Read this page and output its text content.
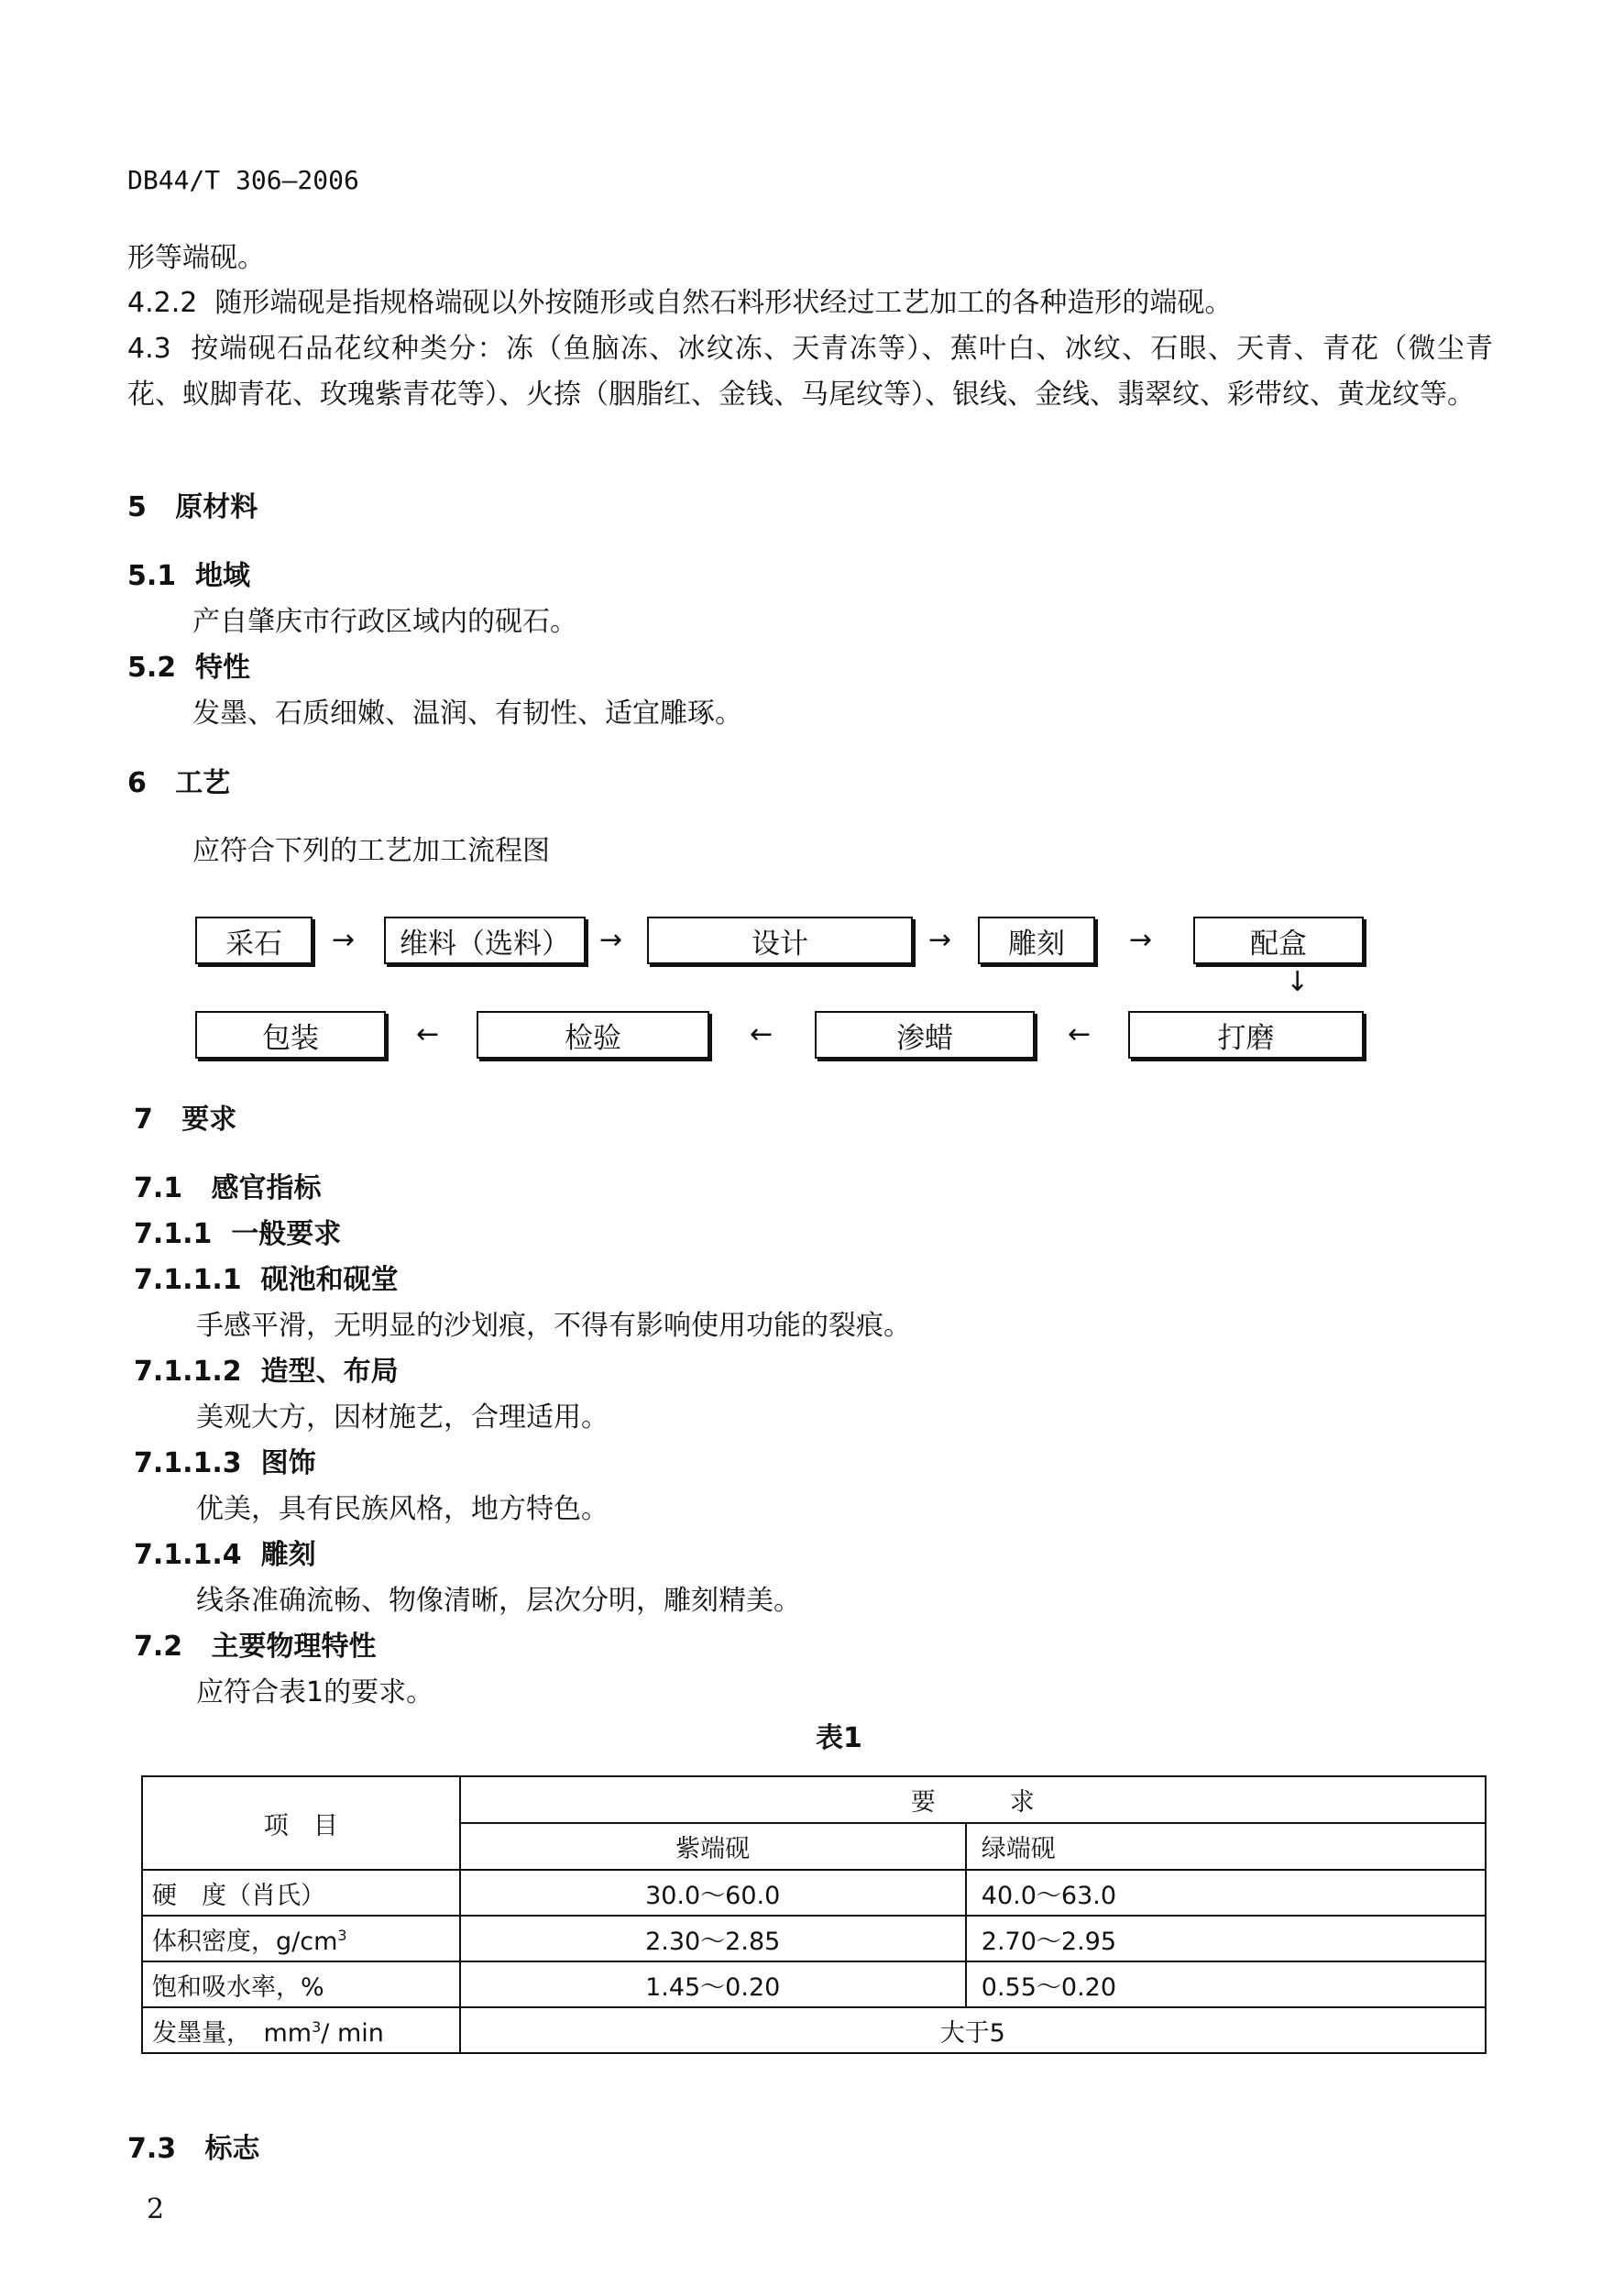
DB44/T 306—2006
形等端砚。
4.2.2 随形端砚是指规格端砚以外按随形或自然石料形状经过工艺加工的各种造形的端砚。
4.3 按端砚石品花纹种类分：冻（鱼脑冻、冰纹冻、天青冻等）、蕉叶白、冰纹、石眼、天青、青花（微尘青花、蚁脚青花、玫瑰紫青花等）、火捺（胭脂红、金钱、马尾纹等）、银线、金线、翡翠纹、彩带纹、黄龙纹等。
5 原材料
5.1 地域
产自肇庆市行政区域内的砚石。
5.2 特性
发墨、石质细嫩、温润、有韧性、适宜雕琢。
6 工艺
应符合下列的工艺加工流程图
采石	→	维料（选料）	→	设计	→	雕刻	→	配盒
↓
打磨
←
渗蜡
←
检验
←
包装
7 要求
7.1 感官指标
7.1.1 一般要求
7.1.1.1 砚池和砚堂
手感平滑，无明显的沙划痕，不得有影响使用功能的裂痕。
7.1.1.2 造型、布局
美观大方，因材施艺，合理适用。
7.1.1.3 图饰
优美，具有民族风格，地方特色。
7.1.1.4 雕刻
线条准确流畅、物像清晰，层次分明，雕刻精美。
7.2 主要物理特性
应符合表1的要求。
表1
项　目	要　　　求	
	紫端砚	绿端砚
硬　度（肖氏）	30.0～60.0	40.0～63.0
体积密度，$g/cm^3$	2.30～2.85	2.70～2.95
饱和吸水率，%	1.45～0.20	0.55～0.20
发墨量，　$mm^3/$ min	大于5	
7.3 标志
2
